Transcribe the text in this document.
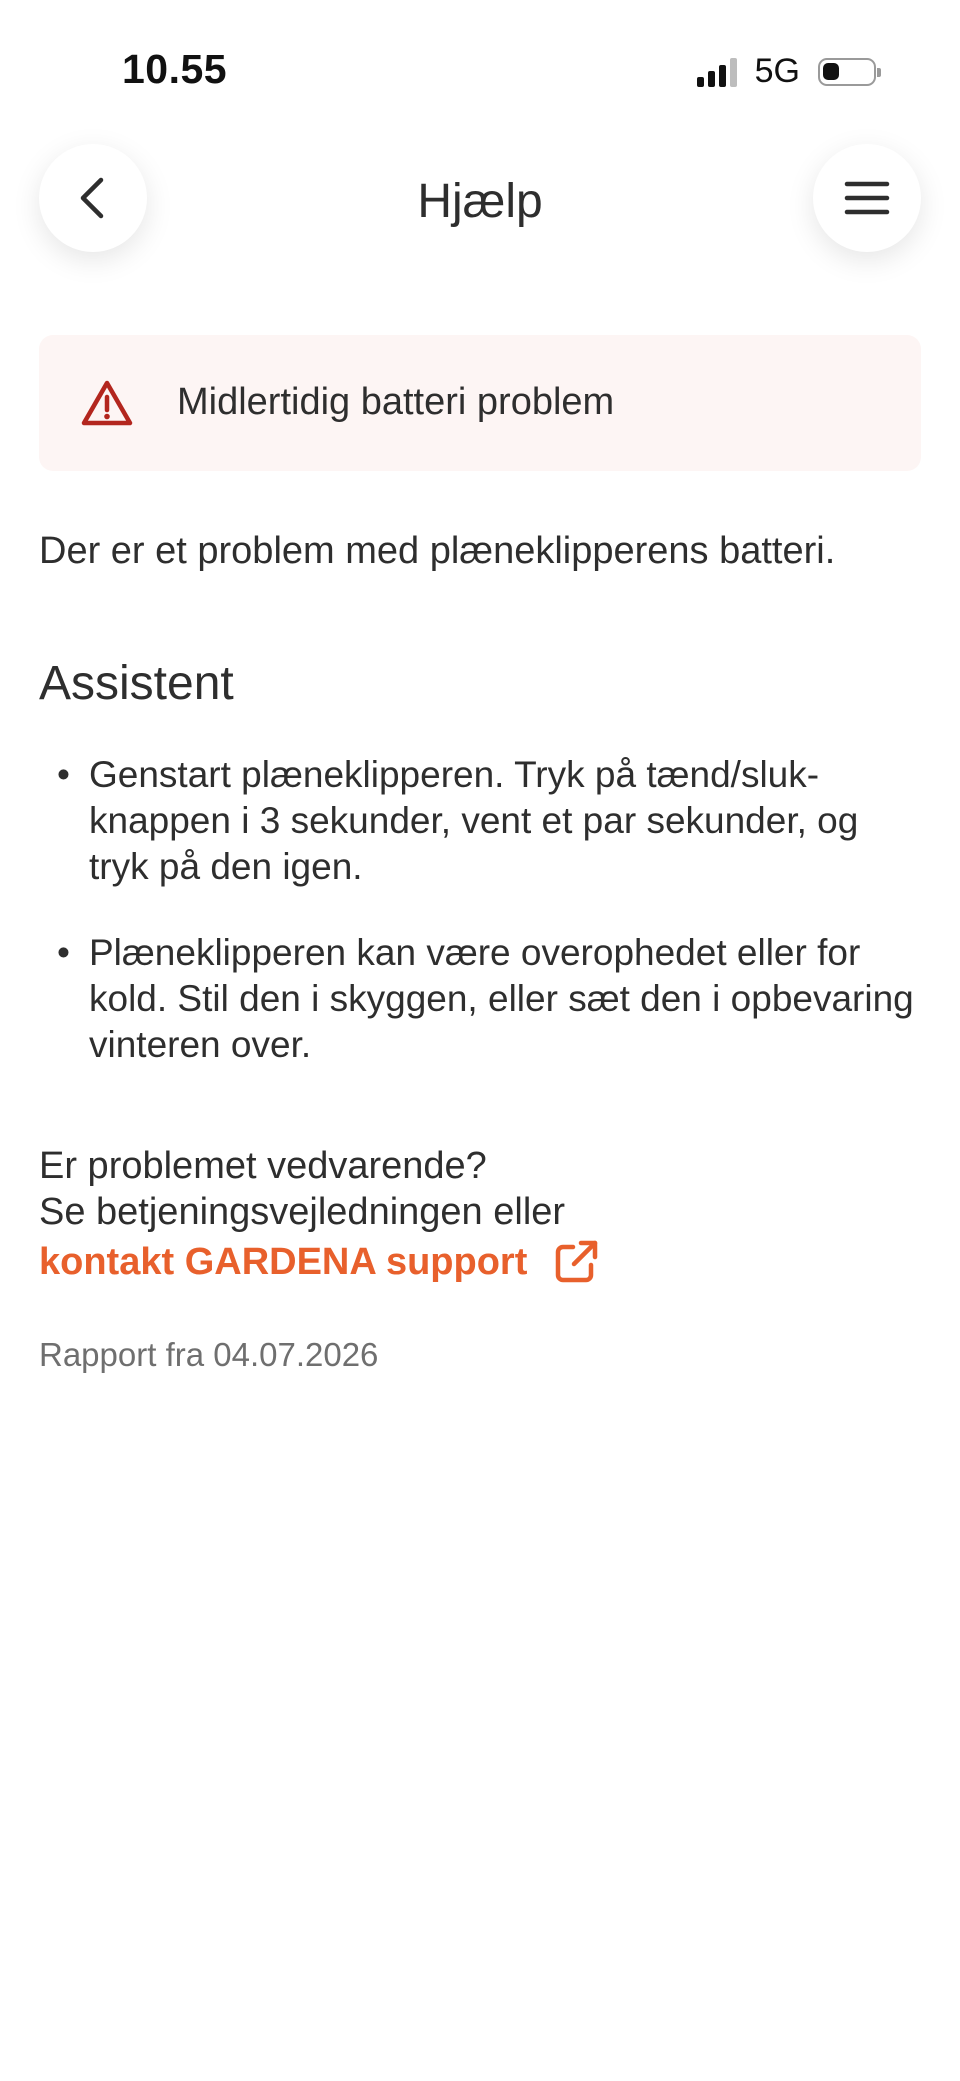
10.55	5G
Hjælp
Midlertidig batteri problem
Der er et problem med plæneklipperens batteri.
Assistent
• Genstart plæneklipperen. Tryk på tænd/sluk-knappen i 3 sekunder, vent et par sekunder, og tryk på den igen.
• Plæneklipperen kan være overophedet eller for kold. Stil den i skyggen, eller sæt den i opbevaring vinteren over.
Er problemet vedvarende?
Se betjeningsvejledningen eller
kontakt GARDENA support
Rapport fra 04.07.2026
